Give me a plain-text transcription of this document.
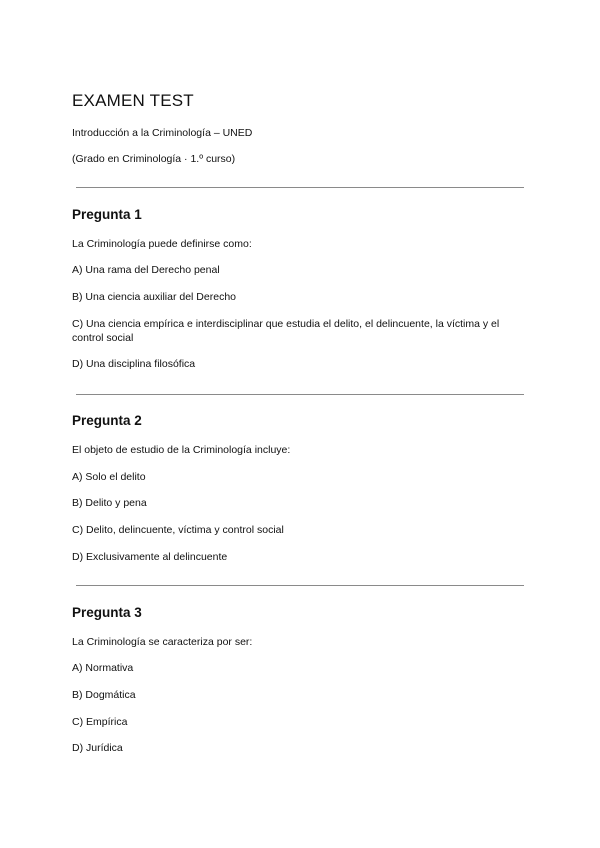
EXAMEN TEST

Introducción a la Criminología – UNED

(Grado en Criminología · 1.º curso)

Pregunta 1

La Criminología puede definirse como:

A) Una rama del Derecho penal

B) Una ciencia auxiliar del Derecho

C) Una ciencia empírica e interdisciplinar que estudia el delito, el delincuente, la víctima y el control social

D) Una disciplina filosófica

Pregunta 2

El objeto de estudio de la Criminología incluye:

A) Solo el delito

B) Delito y pena

C) Delito, delincuente, víctima y control social

D) Exclusivamente al delincuente

Pregunta 3

La Criminología se caracteriza por ser:

A) Normativa

B) Dogmática

C) Empírica

D) Jurídica
